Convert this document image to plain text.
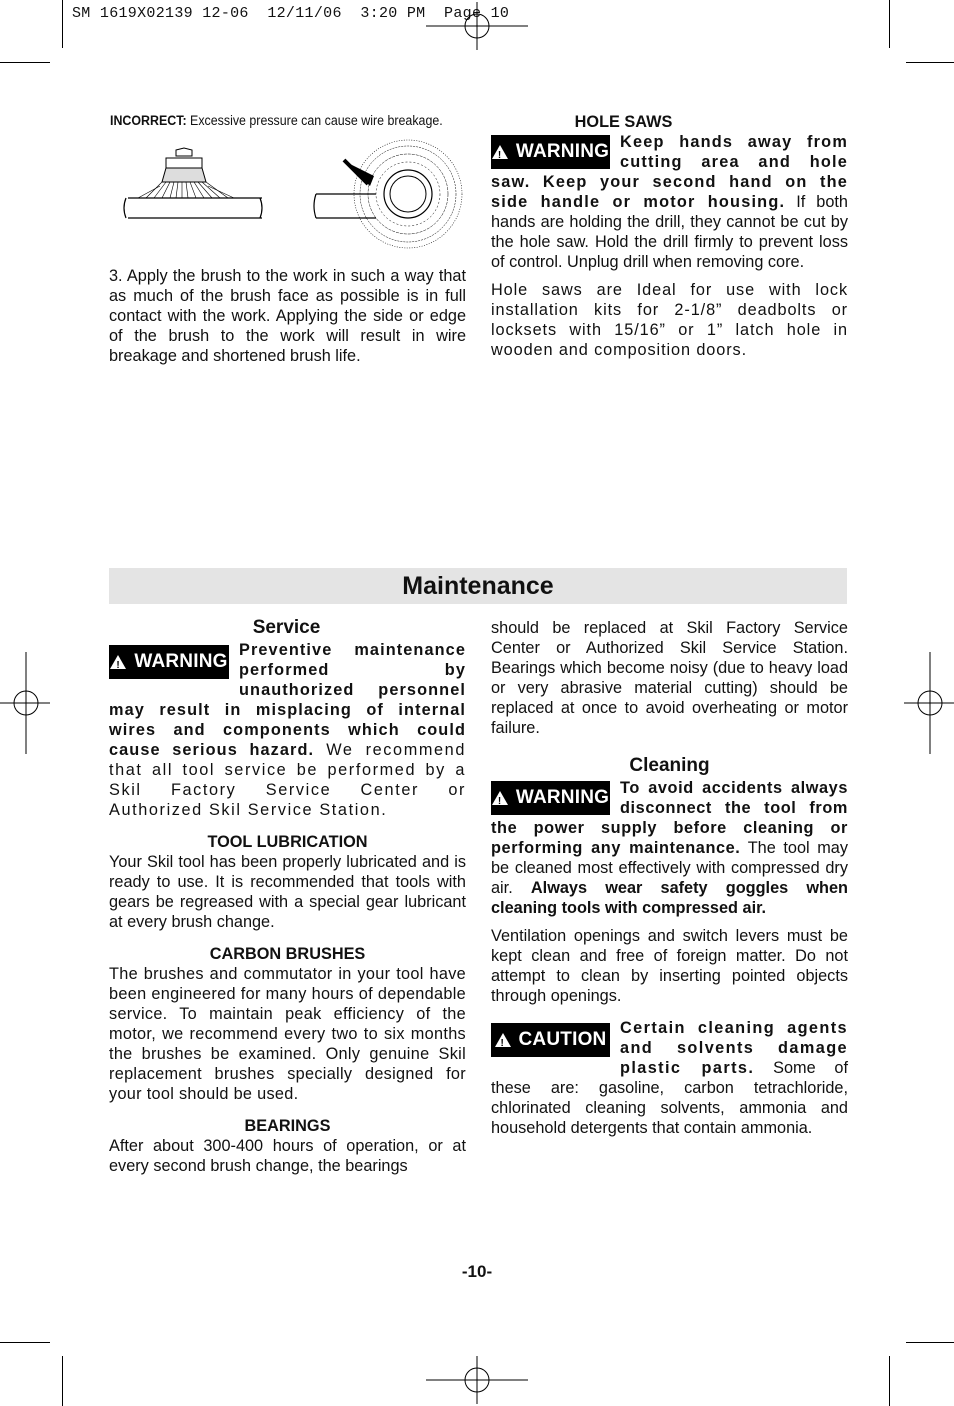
SM 1619X02139 12-06  12/11/06  3:20 PM  Page 10
INCORRECT: Excessive pressure can cause wire breakage.

3. Apply the brush to the work in such a way that as much of the brush face as possible is in full contact with the work. Applying the side or edge of the brush to the work will result in wire breakage and shortened brush life.

HOLE SAWS

!
WARNING Keep hands away from cutting area and hole saw. Keep your second hand on the side handle or motor housing. If both hands are holding the drill, they cannot be cut by the hole saw. Hold the drill firmly to prevent loss of control. Unplug drill when removing core.

Hole saws are Ideal for use with lock installation kits for 2-1/8” deadbolts or locksets with 15/16” or 1” latch hole in wooden and composition doors.

Maintenance
Service

!
WARNING
Preventive maintenance performed by unauthorized personnel may result in misplacing of internal wires and components which could cause serious hazard. We recommend that all tool service be performed by a Skil Factory Service Center or Authorized Skil Service Station.

TOOL LUBRICATION

Your Skil tool has been properly lubricated and is ready to use. It is recommended that tools with gears be regreased with a special gear lubricant at every brush change.

CARBON BRUSHES

The brushes and commutator in your tool have been engineered for many hours of dependable service. To maintain peak efficiency of the motor, we recommend every two to six months the brushes be examined. Only genuine Skil replacement brushes specially designed for your tool should be used.

BEARINGS

After about 300-400 hours of operation, or at every second brush change, the bearings

should be replaced at Skil Factory Service Center or Authorized Skil Service Station. Bearings which become noisy (due to heavy load or very abrasive material cutting) should be replaced at once to avoid overheating or motor failure.

Cleaning

!
WARNING To avoid accidents always disconnect the tool from the power supply before cleaning or performing any maintenance. The tool may be cleaned most effectively with compressed dry air. Always wear safety goggles when cleaning tools with compressed air.

Ventilation openings and switch levers must be kept clean and free of foreign matter. Do not attempt to clean by inserting pointed objects through openings.

!
CAUTION
Certain cleaning agents and solvents damage plastic parts. Some of these are: gasoline, carbon tetrachloride, chlorinated cleaning solvents, ammonia and household detergents that contain ammonia.

-10-
